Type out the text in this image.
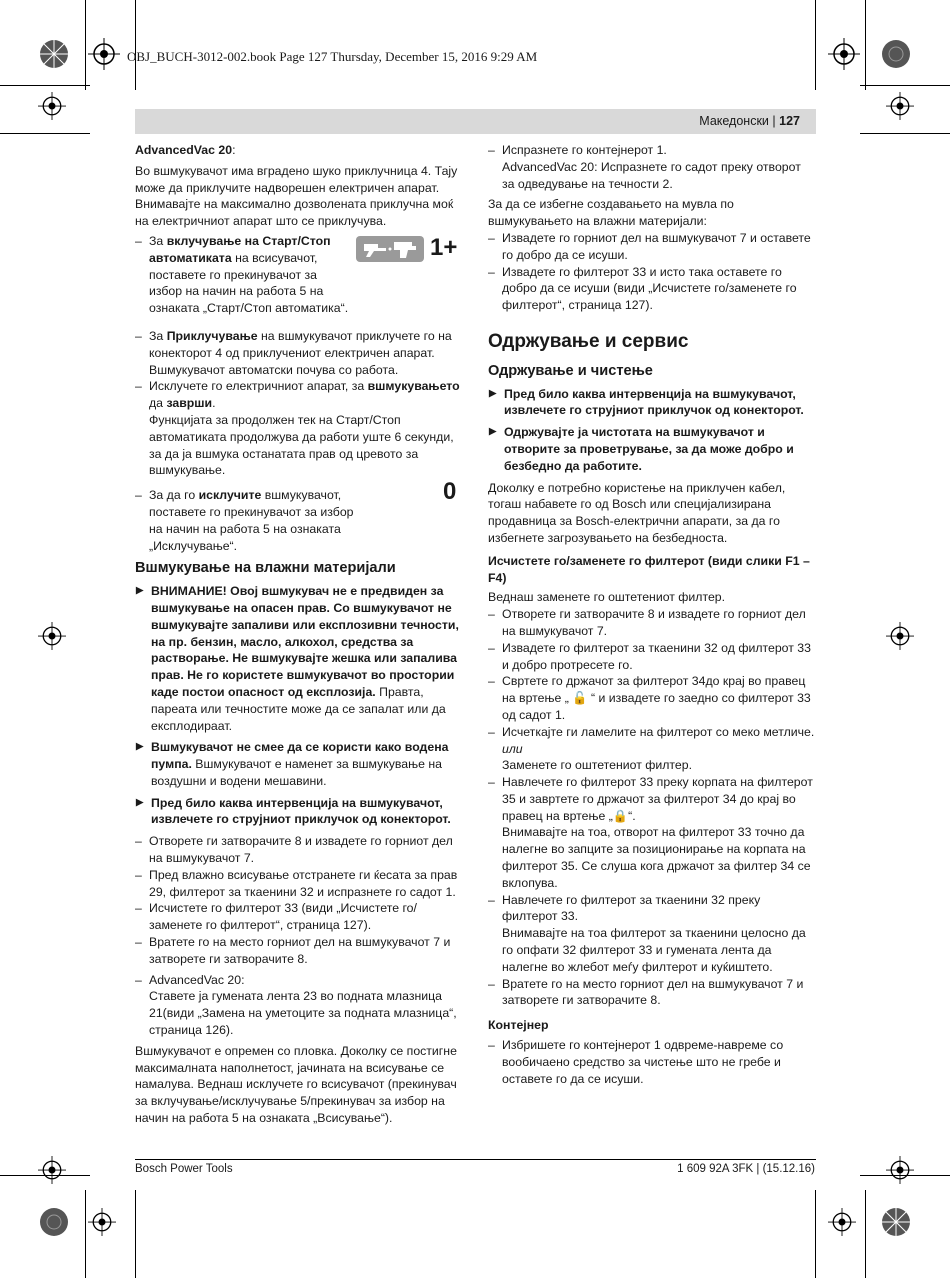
OBJ_BUCH-3012-002.book Page 127 Thursday, December 15, 2016 9:29 AM
Македонски | 127

AdvancedVac 20:

Во вшмукувачот има вградено шуко приклучница 4. Тају може да приклучите надворешен електричен апарат. Внимавајте на максимално дозволената приклучна моќ на електричниот апарат што се приклучува.

– За вклучување на Старт/Стоп автоматиката на всисувачот, поставете го прекинувачот за избор на начин на работа 5 на ознаката „Старт/Стоп автоматика“.
– За Приклучување на вшмукувачот приклучете го на конекторот 4 од приклучениот електричен апарат. Вшмукувачот автоматски почува со работа.
– Исклучете го електричниот апарат, за вшмукувањето да заврши.
Функцијата за продолжен тек на Старт/Стоп автоматиката продолжува да работи уште 6 секунди, за да ја вшмука останатата прав од цревото за вшмукување.
– За да го исклучите вшмукувачот, поставете го прекинувачот за избор на начин на работа 5 на ознаката „Исклучување“.
Вшмукување на влажни материјали
▶ ВНИМАНИЕ! Овој вшмукувач не е предвиден за вшмукување на опасен прав. Со вшмукувачот не вшмукувајте запаливи или експлозивни течности, на пр. бензин, масло, алкохол, средства за растворање. Не вшмукувајте жешка или запалива прав. Не го користете вшмукувачот во простории каде постои опасност од експлозија. Правта, пареата или течностите може да се запалат или да експлодираат.
▶ Вшмукувачот не смее да се користи како водена пумпа. Вшмукувачот е наменет за вшмукување на воздушни и водени мешавини.
▶ Пред било каква интервенција на вшмукувачот, извлечете го струјниот приклучок од конекторот.
– Отворете ги затворачите 8 и извадете го горниот дел на вшмукувачот 7.
– Пред влажно всисување отстранете ги ќесата за прав 29, филтерот за ткаенини 32 и испразнете го садот 1.
– Исчистете го филтерот 33 (види „Исчистете го/заменете го филтерот“, страница 127).
– Вратете го на место горниот дел на вшмукувачот 7 и затворете ги затворачите 8.
– AdvancedVac 20:
Ставете ја гумената лента 23 во подната млазница 21(види „Замена на уметоците за подната млазница“, страница 126).

Вшмукувачот е опремен со пловка. Доколку се постигне максималната наполнетост, јачината на всисување се намалува. Веднаш исклучете го всисувачот (прекинувач за вклучување/исклучување 5/прекинувач за избор на начин на работа 5 на ознаката „Всисување“).

1+
0
– Испразнете го контејнерот 1.
AdvancedVac 20: Испразнете го садот преку отворот за одведување на течности 2.

За да се избегне создавањето на мувла по вшмукувањето на влажни материјали:

– Извадете го горниот дел на вшмукувачот 7 и оставете го добро да се исуши.
– Извадете го филтерот 33 и исто така оставете го добро да се исуши (види „Исчистете го/заменете го филтерот“, страница 127).
Одржување и сервис
Одржување и чистење
▶ Пред било каква интервенција на вшмукувачот, извлечете го струјниот приклучок од конекторот.
▶ Одржувајте ја чистотата на вшмукувачот и отворите за проветрување, за да може добро и безбедно да работите.

Доколку е потребно користење на приклучен кабел, тогаш набавете го од Bosch или специјализирана продавница за Bosch-електрични апарати, за да го избегнете загрозувањето на безбедноста.

Исчистете го/заменете го филтерот (види слики F1 – F4)

Веднаш заменете го оштетениот филтер.

– Отворете ги затворачите 8 и извадете го горниот дел на вшмукувачот 7.
– Извадете го филтерот за ткаенини 32 од филтерот 33 и добро протресете го.
– Свртете го држачот за филтерот 34до крај во правец на вртење „ 🔓 “ и извадете го заедно со филтерот 33 од садот 1.
– Исчеткајте ги ламелите на филтерот со меко метличе.
или
Заменете го оштетениот филтер.
– Навлечете го филтерот 33 преку корпата на филтерот 35 и завртете го држачот за филтерот 34 до крај во правец на вртење „🔒“.
Внимавајте на тоа, отворот на филтерот 33 точно да налегне во запците за позиционирање на корпата на филтерот 35. Се слуша кога држачот за филтер 34 се вклопува.
– Навлечете го филтерот за ткаенини 32 преку филтерот 33.
Внимавајте на тоа филтерот за ткаенини целосно да го опфати 32 филтерот 33 и гумената лента да налегне во жлебот меѓу филтерот и куќиштето.
– Вратете го на место горниот дел на вшмукувачот 7 и затворете ги затворачите 8.
Контејнер
– Избришете го контејнерот 1 одвреме-навреме со вообичаено средство за чистење што не гребе и оставете го да се исуши.
Bosch Power Tools	1 609 92A 3FK | (15.12.16)
